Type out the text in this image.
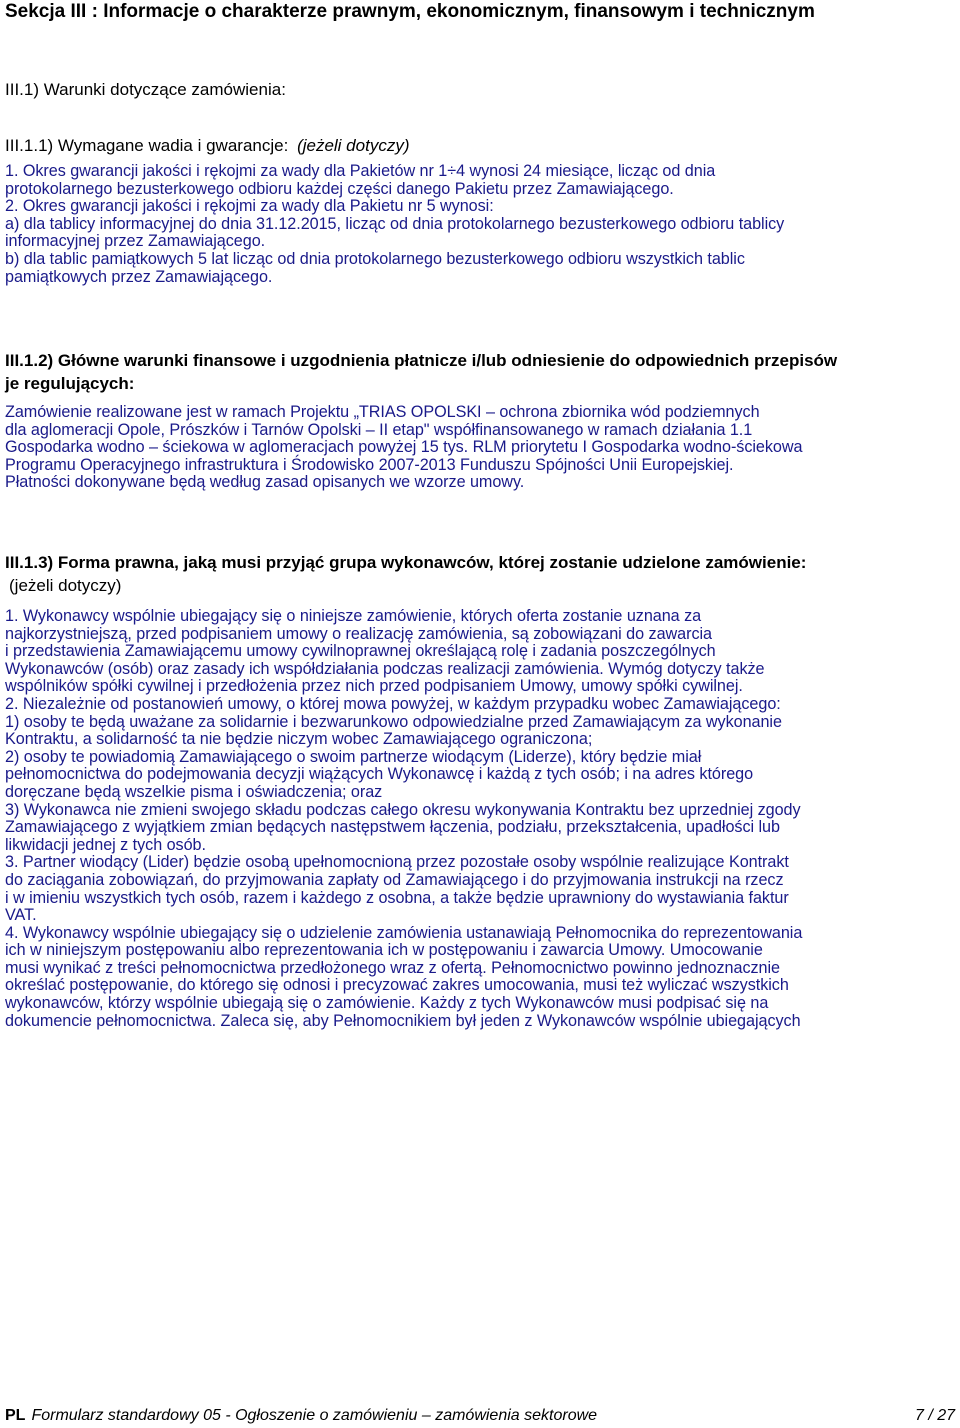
Sekcja III : Informacje o charakterze prawnym, ekonomicznym, finansowym i technicznym
III.1) Warunki dotyczące zamówienia:
III.1.1) Wymagane wadia i gwarancje: (jeżeli dotyczy)
1. Okres gwarancji jakości i rękojmi za wady dla Pakietów nr 1÷4 wynosi 24 miesiące, licząc od dnia
protokolarnego bezusterkowego odbioru każdej części danego Pakietu przez Zamawiającego.
2. Okres gwarancji jakości i rękojmi za wady dla Pakietu nr 5 wynosi:
a) dla tablicy informacyjnej do dnia 31.12.2015, licząc od dnia protokolarnego bezusterkowego odbioru tablicy
informacyjnej przez Zamawiającego.
b) dla tablic pamiątkowych 5 lat licząc od dnia protokolarnego bezusterkowego odbioru wszystkich tablic
pamiątkowych przez Zamawiającego.
III.1.2) Główne warunki finansowe i uzgodnienia płatnicze i/lub odniesienie do odpowiednich przepisów
je regulujących:
Zamówienie realizowane jest w ramach Projektu „TRIAS OPOLSKI – ochrona zbiornika wód podziemnych
dla aglomeracji Opole, Prószków i Tarnów Opolski – II etap" współfinansowanego w ramach działania 1.1
Gospodarka wodno – ściekowa w aglomeracjach powyżej 15 tys. RLM priorytetu I Gospodarka wodno-ściekowa
Programu Operacyjnego infrastruktura i Środowisko 2007-2013 Funduszu Spójności Unii Europejskiej.
Płatności dokonywane będą według zasad opisanych we wzorze umowy.
III.1.3) Forma prawna, jaką musi przyjąć grupa wykonawców, której zostanie udzielone zamówienie:
(jeżeli dotyczy)
1. Wykonawcy wspólnie ubiegający się o niniejsze zamówienie, których oferta zostanie uznana za
najkorzystniejszą, przed podpisaniem umowy o realizację zamówienia, są zobowiązani do zawarcia
i przedstawienia Zamawiającemu umowy cywilnoprawnej określającą rolę i zadania poszczególnych
Wykonawców (osób) oraz zasady ich współdziałania podczas realizacji zamówienia. Wymóg dotyczy także
wspólników spółki cywilnej i przedłożenia przez nich przed podpisaniem Umowy, umowy spółki cywilnej.
2. Niezależnie od postanowień umowy, o której mowa powyżej, w każdym przypadku wobec Zamawiającego:
1) osoby te będą uważane za solidarnie i bezwarunkowo odpowiedzialne przed Zamawiającym za wykonanie
Kontraktu, a solidarność ta nie będzie niczym wobec Zamawiającego ograniczona;
2) osoby te powiadomią Zamawiającego o swoim partnerze wiodącym (Liderze), który będzie miał
pełnomocnictwa do podejmowania decyzji wiążących Wykonawcę i każdą z tych osób; i na adres którego
doręczane będą wszelkie pisma i oświadczenia; oraz
3) Wykonawca nie zmieni swojego składu podczas całego okresu wykonywania Kontraktu bez uprzedniej zgody
Zamawiającego z wyjątkiem zmian będących następstwem łączenia, podziału, przekształcenia, upadłości lub
likwidacji jednej z tych osób.
3. Partner wiodący (Lider) będzie osobą upełnomocnioną przez pozostałe osoby wspólnie realizujące Kontrakt
do zaciągania zobowiązań, do przyjmowania zapłaty od Zamawiającego i do przyjmowania instrukcji na rzecz
i w imieniu wszystkich tych osób, razem i każdego z osobna, a także będzie uprawniony do wystawiania faktur
VAT.
4. Wykonawcy wspólnie ubiegający się o udzielenie zamówienia ustanawiają Pełnomocnika do reprezentowania
ich w niniejszym postępowaniu albo reprezentowania ich w postępowaniu i zawarcia Umowy. Umocowanie
musi wynikać z treści pełnomocnictwa przedłożonego wraz z ofertą. Pełnomocnictwo powinno jednoznacznie
określać postępowanie, do którego się odnosi i precyzować zakres umocowania, musi też wyliczać wszystkich
wykonawców, którzy wspólnie ubiegają się o zamówienie. Każdy z tych Wykonawców musi podpisać się na
dokumencie pełnomocnictwa. Zaleca się, aby Pełnomocnikiem był jeden z Wykonawców wspólnie ubiegających
PL Formularz standardowy 05 - Ogłoszenie o zamówieniu – zamówienia sektorowe	7 / 27
